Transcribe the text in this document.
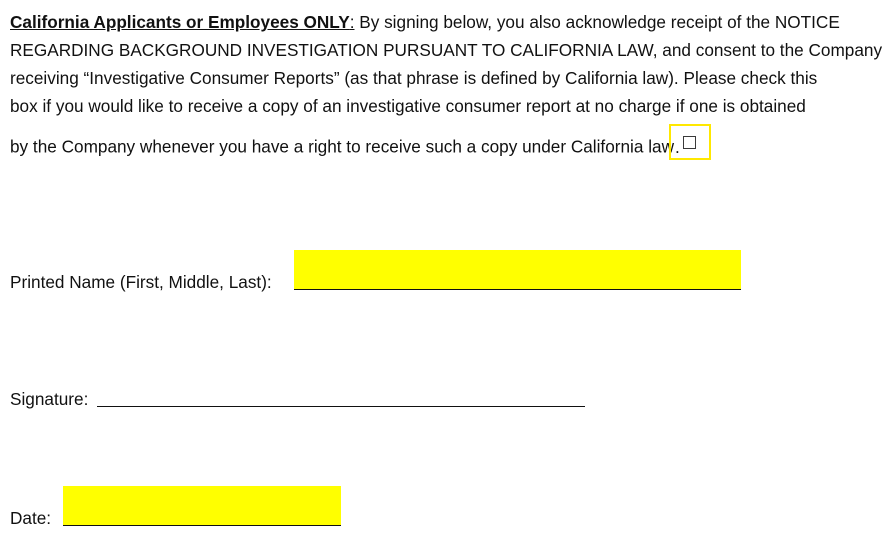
California Applicants or Employees ONLY: By signing below, you also acknowledge receipt of the NOTICE
REGARDING BACKGROUND INVESTIGATION PURSUANT TO CALIFORNIA LAW, and consent to the Company
receiving “Investigative Consumer Reports” (as that phrase is defined by California law). Please check this
box if you would like to receive a copy of an investigative consumer report at no charge if one is obtained
by the Company whenever you have a right to receive such a copy under California law
.
Printed Name (First, Middle, Last):
Signature:
Date:
